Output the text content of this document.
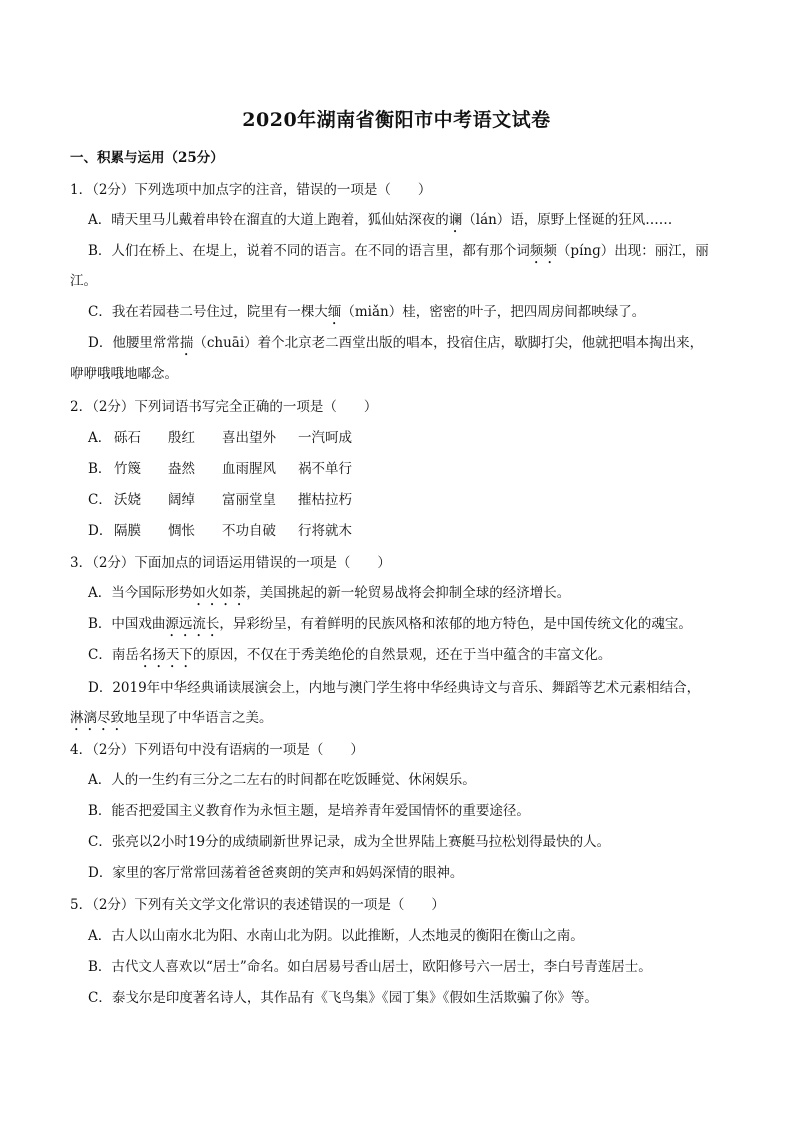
2020年湖南省衡阳市中考语文试卷
一、积累与运用（25分）
1．（2分）下列选项中加点字的注音，错误的一项是（　　）
A．晴天里马儿戴着串铃在溜直的大道上跑着，狐仙姑深夜的谰（lán）语，原野上怪诞的狂风……
B．人们在桥上、在堤上，说着不同的语言。在不同的语言里，都有那个词频频（pínɡ）出现：丽江，丽
江。
C．我在若园巷二号住过，院里有一棵大缅（miǎn）桂，密密的叶子，把四周房间都映绿了。
D．他腰里常常揣（chuāi）着个北京老二酉堂出版的唱本，投宿住店，歇脚打尖，他就把唱本掏出来，
咿咿哦哦地嘟念。
2．（2分）下列词语书写完全正确的一项是（　　）
A． 砾石 殷红 喜出望外 一汽呵成
B． 竹篾 盎然 血雨腥风 祸不单行
C． 沃娆 阔绰 富丽堂皇 摧枯拉朽
D． 隔膜 惆怅 不功自破 行将就木
3．（2分）下面加点的词语运用错误的一项是（　　）
A．当今国际形势如火如荼，美国挑起的新一轮贸易战将会抑制全球的经济增长。
B．中国戏曲源远流长，异彩纷呈，有着鲜明的民族风格和浓郁的地方特色，是中国传统文化的魂宝。
C．南岳名扬天下的原因，不仅在于秀美绝伦的自然景观，还在于当中蕴含的丰富文化。
D．2019年中华经典诵读展演会上，内地与澳门学生将中华经典诗文与音乐、舞蹈等艺术元素相结合，
淋漓尽致地呈现了中华语言之美。
4．（2分）下列语句中没有语病的一项是（　　）
A．人的一生约有三分之二左右的时间都在吃饭睡觉、休闲娱乐。
B．能否把爱国主义教育作为永恒主题，是培养青年爱国情怀的重要途径。
C．张亮以2小时19分的成绩刷新世界记录，成为全世界陆上赛艇马拉松划得最快的人。
D．家里的客厅常常回荡着爸爸爽朗的笑声和妈妈深情的眼神。
5．（2分）下列有关文学文化常识的表述错误的一项是（　　）
A．古人以山南水北为阳、水南山北为阴。以此推断，人杰地灵的衡阳在衡山之南。
B．古代文人喜欢以“居士”命名。如白居易号香山居士，欧阳修号六一居士，李白号青莲居士。
C．泰戈尔是印度著名诗人，其作品有《飞鸟集》《园丁集》《假如生活欺骗了你》等。
